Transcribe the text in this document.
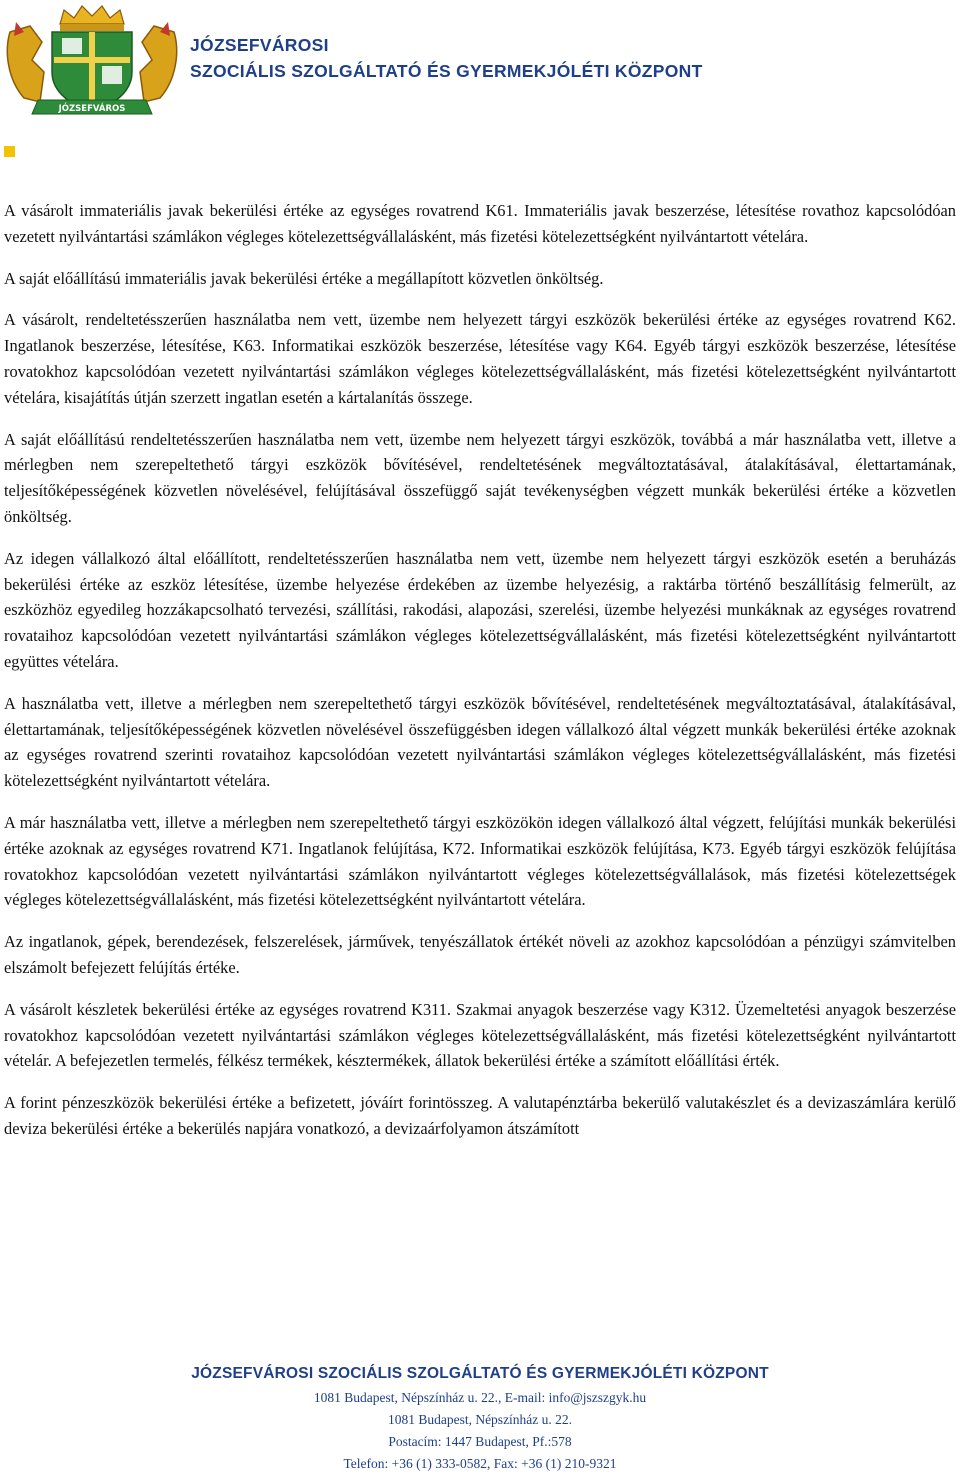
JÓZSEFVÁROS
JÓZSEFVÁROSI
SZOCIÁLIS SZOLGÁLTATÓ ÉS GYERMEKJÓLÉTI KÖZPONT

A vásárolt immateriális javak bekerülési értéke az egységes rovatrend K61. Immateriális javak beszerzése, létesítése rovathoz kapcsolódóan vezetett nyilvántartási számlákon végleges kötelezettségvállalásként, más fizetési kötelezettségként nyilvántartott vételára.

A saját előállítású immateriális javak bekerülési értéke a megállapított közvetlen önköltség.

A vásárolt, rendeltetésszerűen használatba nem vett, üzembe nem helyezett tárgyi eszközök bekerülési értéke az egységes rovatrend K62. Ingatlanok beszerzése, létesítése, K63. Informatikai eszközök beszerzése, létesítése vagy K64. Egyéb tárgyi eszközök beszerzése, létesítése rovatokhoz kapcsolódóan vezetett nyilvántartási számlákon végleges kötelezettségvállalásként, más fizetési kötelezettségként nyilvántartott vételára, kisajátítás útján szerzett ingatlan esetén a kártalanítás összege.

A saját előállítású rendeltetésszerűen használatba nem vett, üzembe nem helyezett tárgyi eszközök, továbbá a már használatba vett, illetve a mérlegben nem szerepeltethető tárgyi eszközök bővítésével, rendeltetésének megváltoztatásával, átalakításával, élettartamának, teljesítőképességének közvetlen növelésével, felújításával összefüggő saját tevékenységben végzett munkák bekerülési értéke a közvetlen önköltség.

Az idegen vállalkozó által előállított, rendeltetésszerűen használatba nem vett, üzembe nem helyezett tárgyi eszközök esetén a beruházás bekerülési értéke az eszköz létesítése, üzembe helyezése érdekében az üzembe helyezésig, a raktárba történő beszállításig felmerült, az eszközhöz egyedileg hozzákapcsolható tervezési, szállítási, rakodási, alapozási, szerelési, üzembe helyezési munkáknak az egységes rovatrend rovataihoz kapcsolódóan vezetett nyilvántartási számlákon végleges kötelezettségvállalásként, más fizetési kötelezettségként nyilvántartott együttes vételára.

A használatba vett, illetve a mérlegben nem szerepeltethető tárgyi eszközök bővítésével, rendeltetésének megváltoztatásával, átalakításával, élettartamának, teljesítőképességének közvetlen növelésével összefüggésben idegen vállalkozó által végzett munkák bekerülési értéke azoknak az egységes rovatrend szerinti rovataihoz kapcsolódóan vezetett nyilvántartási számlákon végleges kötelezettségvállalásként, más fizetési kötelezettségként nyilvántartott vételára.

A már használatba vett, illetve a mérlegben nem szerepeltethető tárgyi eszközökön idegen vállalkozó által végzett, felújítási munkák bekerülési értéke azoknak az egységes rovatrend K71. Ingatlanok felújítása, K72. Informatikai eszközök felújítása, K73. Egyéb tárgyi eszközök felújítása rovatokhoz kapcsolódóan vezetett nyilvántartási számlákon nyilvántartott végleges kötelezettségvállalások, más fizetési kötelezettségek végleges kötelezettségvállalásként, más fizetési kötelezettségként nyilvántartott vételára.

Az ingatlanok, gépek, berendezések, felszerelések, járművek, tenyészállatok értékét növeli az azokhoz kapcsolódóan a pénzügyi számvitelben elszámolt befejezett felújítás értéke.

A vásárolt készletek bekerülési értéke az egységes rovatrend K311. Szakmai anyagok beszerzése vagy K312. Üzemeltetési anyagok beszerzése rovatokhoz kapcsolódóan vezetett nyilvántartási számlákon végleges kötelezettségvállalásként, más fizetési kötelezettségként nyilvántartott vételár. A befejezetlen termelés, félkész termékek, késztermékek, állatok bekerülési értéke a számított előállítási érték.

A forint pénzeszközök bekerülési értéke a befizetett, jóváírt forintösszeg. A valutapénztárba bekerülő valutakészlet és a devizaszámlára kerülő deviza bekerülési értéke a bekerülés napjára vonatkozó, a devizaárfolyamon átszámított

JÓZSEFVÁROSI SZOCIÁLIS SZOLGÁLTATÓ ÉS GYERMEKJÓLÉTI KÖZPONT
1081 Budapest, Népszínház u. 22., E-mail: info@jszszgyk.hu
1081 Budapest, Népszínház u. 22.
Postacím: 1447 Budapest, Pf.:578
Telefon: +36 (1) 333-0582, Fax: +36 (1) 210-9321
